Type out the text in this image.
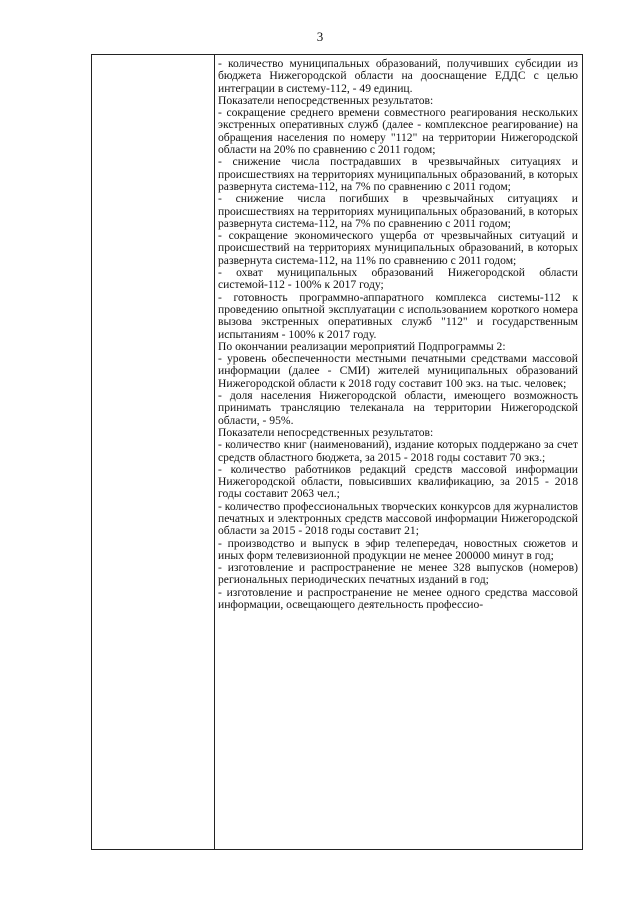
3

- количество муниципальных образований, получивших субсидии из бюджета Нижегородской области на дооснащение ЕДДС с целью интеграции в систему-112, - 49 единиц.

Показатели непосредственных результатов:

- сокращение среднего времени совместного реагирования нескольких экстренных оперативных служб (далее - комплексное реагирование) на обращения населения по номеру "112" на территории Нижегородской области на 20% по сравнению с 2011 годом;

- снижение числа пострадавших в чрезвычайных ситуациях и происшествиях на территориях муниципальных образований, в которых развернута система-112, на 7% по сравнению с 2011 годом;

- снижение числа погибших в чрезвычайных ситуациях и происшествиях на территориях муниципальных образований, в которых развернута система-112, на 7% по сравнению с 2011 годом;

- сокращение экономического ущерба от чрезвычайных ситуаций и происшествий на территориях муниципальных образований, в которых развернута система-112, на 11% по сравнению с 2011 годом;

- охват муниципальных образований Нижегородской области системой-112 - 100% к 2017 году;

- готовность программно-аппаратного комплекса системы-112 к проведению опытной эксплуатации с использованием короткого номера вызова экстренных оперативных служб "112" и государственным испытаниям - 100% к 2017 году.

По окончании реализации мероприятий Подпрограммы 2:

- уровень обеспеченности местными печатными средствами массовой информации (далее - СМИ) жителей муниципальных образований Нижегородской области к 2018 году составит 100 экз. на тыс. человек;

- доля населения Нижегородской области, имеющего возможность принимать трансляцию телеканала на территории Нижегородской области, - 95%.

Показатели непосредственных результатов:

- количество книг (наименований), издание которых поддержано за счет средств областного бюджета, за 2015 - 2018 годы составит 70 экз.;

- количество работников редакций средств массовой информации Нижегородской области, повысивших квалификацию, за 2015 - 2018 годы составит 2063 чел.;

- количество профессиональных творческих конкурсов для журналистов печатных и электронных средств массовой информации Нижегородской области за 2015 - 2018 годы составит 21;

- производство и выпуск в эфир телепередач, новостных сюжетов и иных форм телевизионной продукции не менее 200000 минут в год;

- изготовление и распространение не менее 328 выпусков (номеров) региональных периодических печатных изданий в год;

- изготовление и распространение не менее одного средства массовой информации, освещающего деятельность профессио-
